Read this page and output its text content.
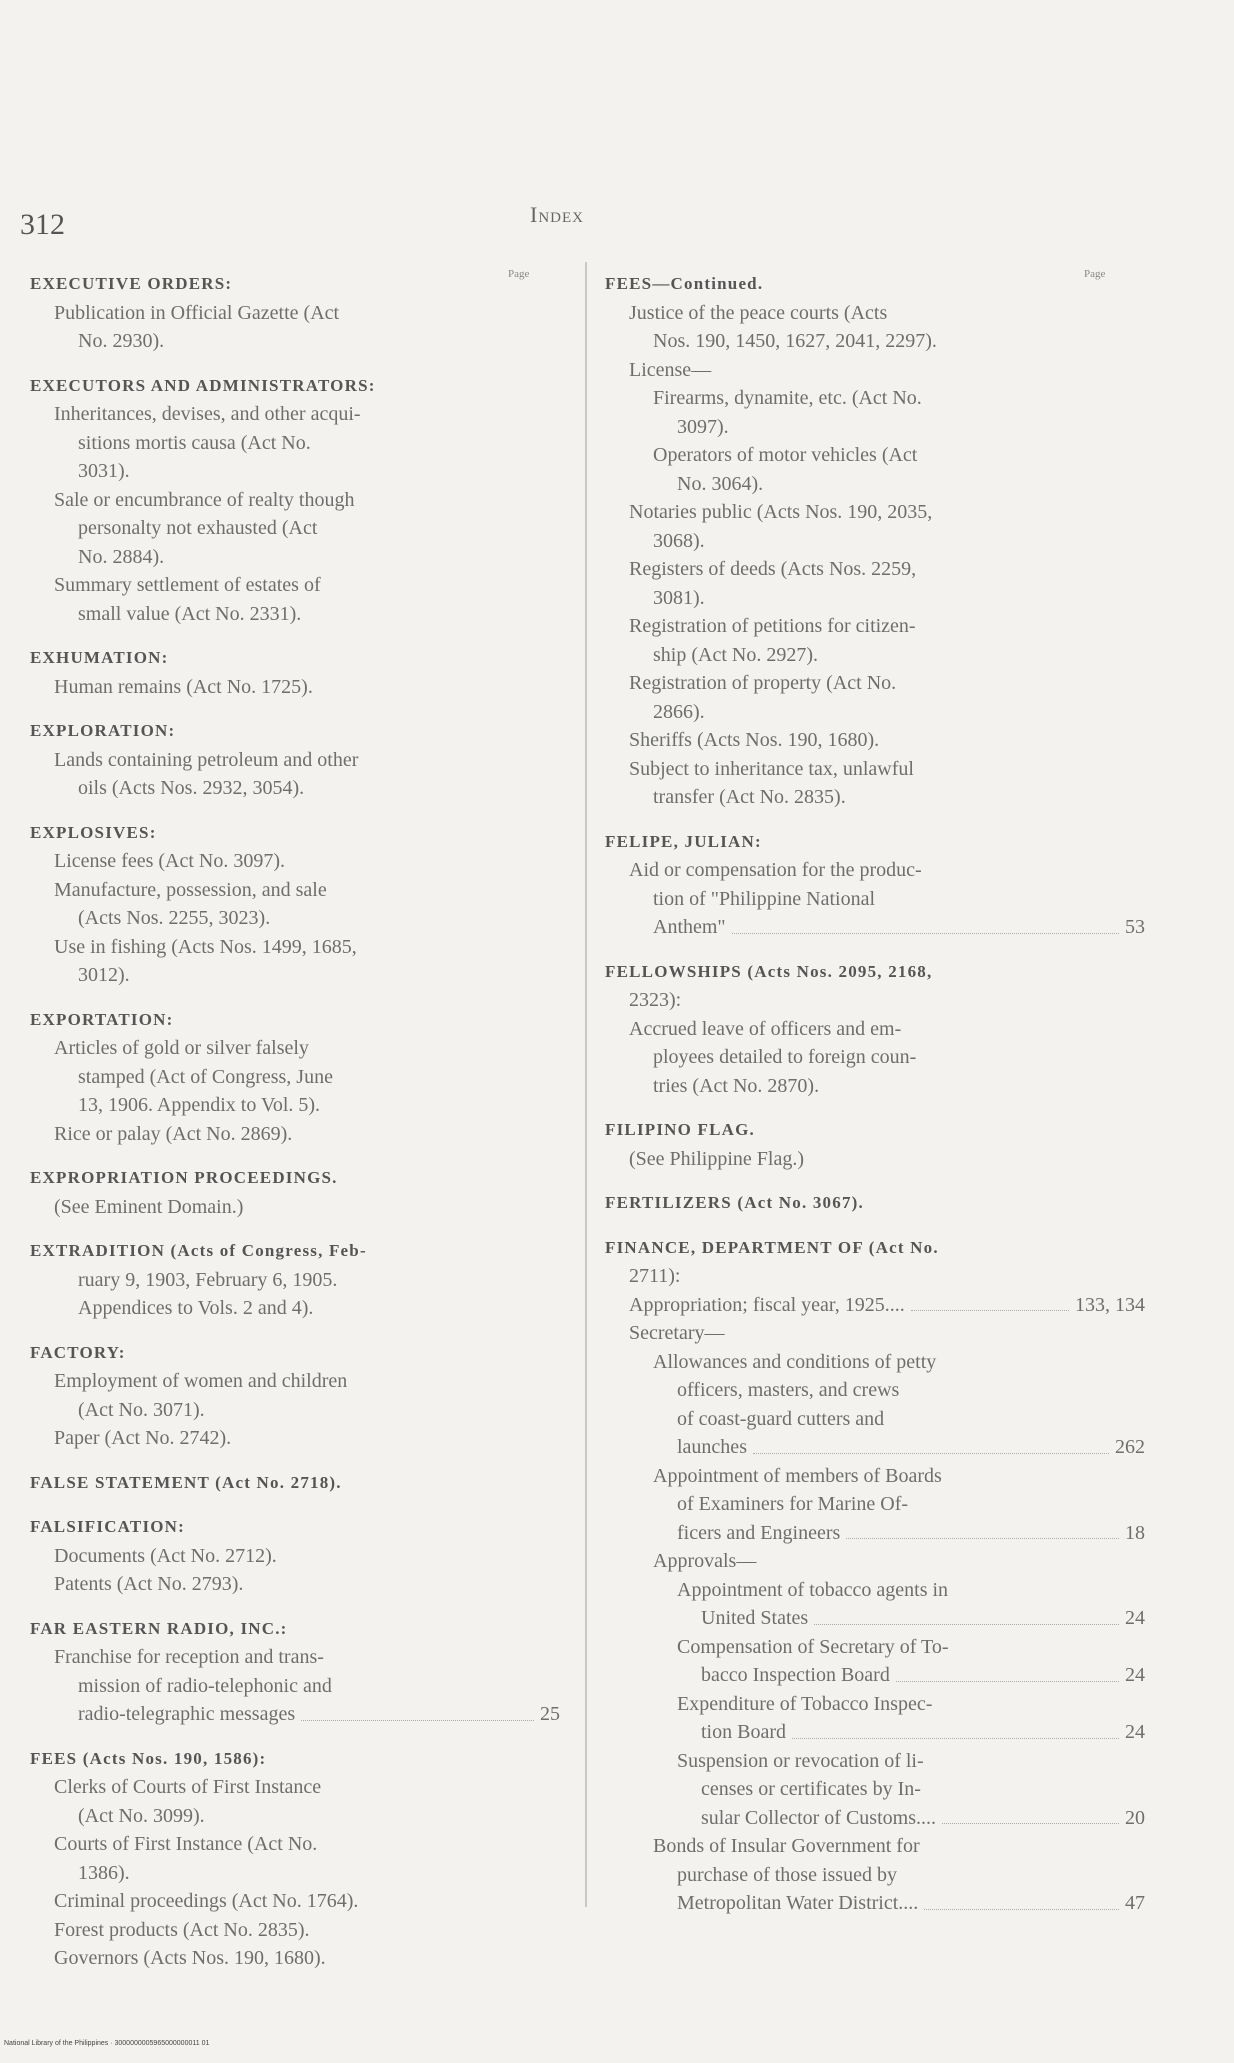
312	Index
Page	Page
EXECUTIVE ORDERS:
Publication in Official Gazette (Act
No. 2930).
EXECUTORS AND ADMINISTRATORS:
Inheritances, devises, and other acqui-
sitions mortis causa (Act No.
3031).
Sale or encumbrance of realty though
personalty not exhausted (Act
No. 2884).
Summary settlement of estates of
small value (Act No. 2331).
EXHUMATION:
Human remains (Act No. 1725).
EXPLORATION:
Lands containing petroleum and other
oils (Acts Nos. 2932, 3054).
EXPLOSIVES:
License fees (Act No. 3097).
Manufacture, possession, and sale
(Acts Nos. 2255, 3023).
Use in fishing (Acts Nos. 1499, 1685,
3012).
EXPORTATION:
Articles of gold or silver falsely
stamped (Act of Congress, June
13, 1906. Appendix to Vol. 5).
Rice or palay (Act No. 2869).
EXPROPRIATION PROCEEDINGS.
(See Eminent Domain.)
EXTRADITION (Acts of Congress, Feb-
ruary 9, 1903, February 6, 1905.
Appendices to Vols. 2 and 4).
FACTORY:
Employment of women and children
(Act No. 3071).
Paper (Act No. 2742).
FALSE STATEMENT (Act No. 2718).
FALSIFICATION:
Documents (Act No. 2712).
Patents (Act No. 2793).
FAR EASTERN RADIO, INC.:
Franchise for reception and trans-
mission of radio-telephonic and
radio-telegraphic messages	25
FEES (Acts Nos. 190, 1586):
Clerks of Courts of First Instance
(Act No. 3099).
Courts of First Instance (Act No.
1386).
Criminal proceedings (Act No. 1764).
Forest products (Act No. 2835).
Governors (Acts Nos. 190, 1680).
FEES—Continued.
Justice of the peace courts (Acts
Nos. 190, 1450, 1627, 2041, 2297).
License—
Firearms, dynamite, etc. (Act No.
3097).
Operators of motor vehicles (Act
No. 3064).
Notaries public (Acts Nos. 190, 2035,
3068).
Registers of deeds (Acts Nos. 2259,
3081).
Registration of petitions for citizen-
ship (Act No. 2927).
Registration of property (Act No.
2866).
Sheriffs (Acts Nos. 190, 1680).
Subject to inheritance tax, unlawful
transfer (Act No. 2835).
FELIPE, JULIAN:
Aid or compensation for the produc-
tion of "Philippine National
Anthem"	53
FELLOWSHIPS (Acts Nos. 2095, 2168,
2323):
Accrued leave of officers and em-
ployees detailed to foreign coun-
tries (Act No. 2870).
FILIPINO FLAG.
(See Philippine Flag.)
FERTILIZERS (Act No. 3067).
FINANCE, DEPARTMENT OF (Act No.
2711):
Appropriation; fiscal year, 1925....	133, 134
Secretary—
Allowances and conditions of petty
officers, masters, and crews
of coast-guard cutters and
launches	262
Appointment of members of Boards
of Examiners for Marine Of-
ficers and Engineers	18
Approvals—
Appointment of tobacco agents in
United States	24
Compensation of Secretary of To-
bacco Inspection Board	24
Expenditure of Tobacco Inspec-
tion Board	24
Suspension or revocation of li-
censes or certificates by In-
sular Collector of Customs....	20
Bonds of Insular Government for
purchase of those issued by
Metropolitan Water District....	47
National Library of the Philippines · 3000000005965000000011 01
